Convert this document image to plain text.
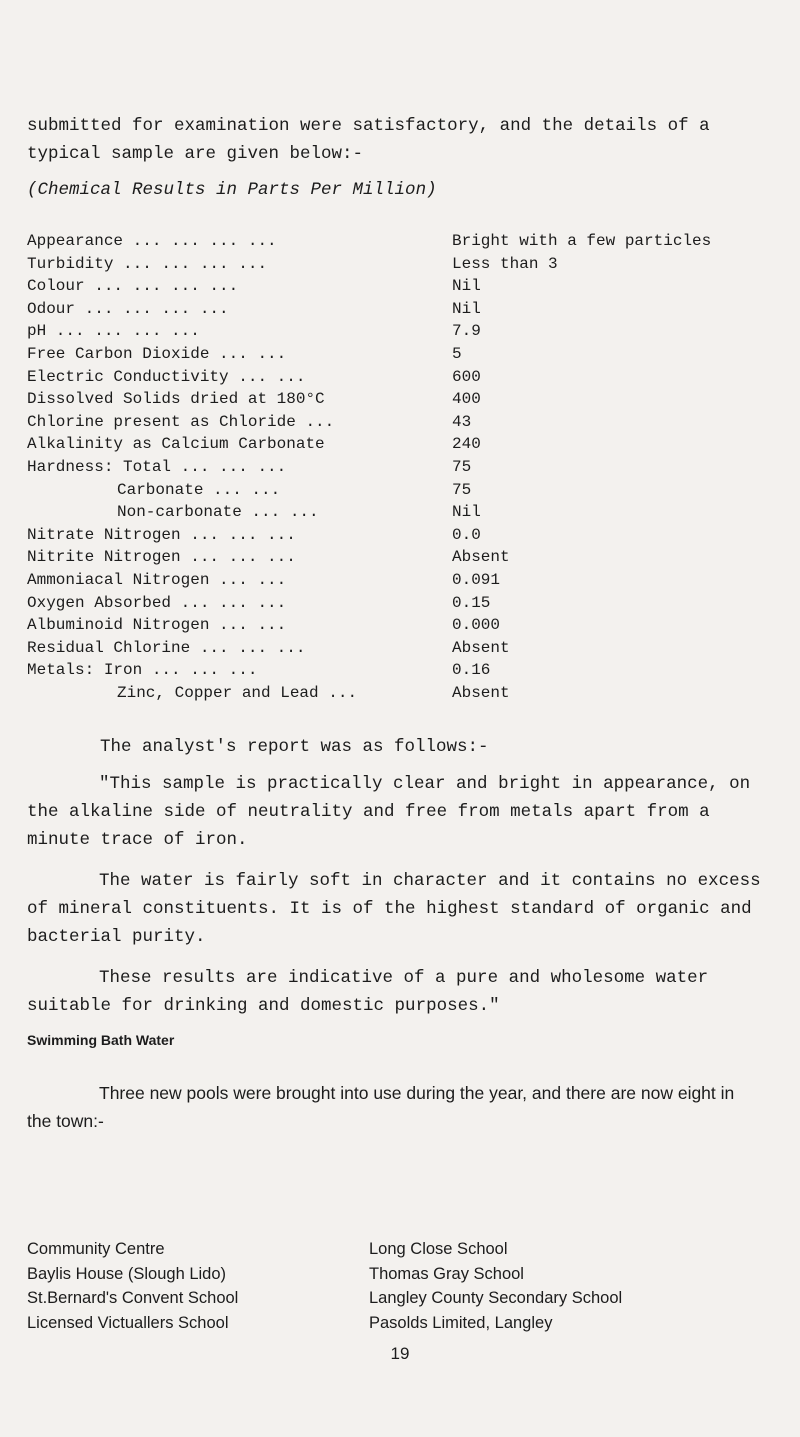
submitted for examination were satisfactory, and the details of a typical sample are given below:-
(Chemical Results in Parts Per Million)
Appearance ... ... ... ...	Bright with a few particles
Turbidity ... ... ... ...	Less than 3
Colour ... ... ... ...	Nil
Odour ... ... ... ...	Nil
pH ... ... ... ...	7.9
Free Carbon Dioxide ... ...	5
Electric Conductivity ... ...	600
Dissolved Solids dried at 180°C	400
Chlorine present as Chloride ...	43
Alkalinity as Calcium Carbonate	240
Hardness: Total ... ... ...	75
Carbonate ... ...	75
Non-carbonate ... ...	Nil
Nitrate Nitrogen ... ... ...	0.0
Nitrite Nitrogen ... ... ...	Absent
Ammoniacal Nitrogen ... ...	0.091
Oxygen Absorbed ... ... ...	0.15
Albuminoid Nitrogen ... ...	0.000
Residual Chlorine ... ... ...	Absent
Metals: Iron ... ... ...	0.16
Zinc, Copper and Lead ...	Absent
The analyst's report was as follows:-
"This sample is practically clear and bright in appearance, on the alkaline side of neutrality and free from metals apart from a minute trace of iron.
The water is fairly soft in character and it contains no excess of mineral constituents. It is of the highest standard of organic and bacterial purity.
These results are indicative of a pure and wholesome water suitable for drinking and domestic purposes."
Swimming Bath Water
Three new pools were brought into use during the year, and there are now eight in the town:-
Community Centre
Baylis House (Slough Lido)
St.Bernard's Convent School
Licensed Victuallers School
Long Close School
Thomas Gray School
Langley County Secondary School
Pasolds Limited, Langley
19
